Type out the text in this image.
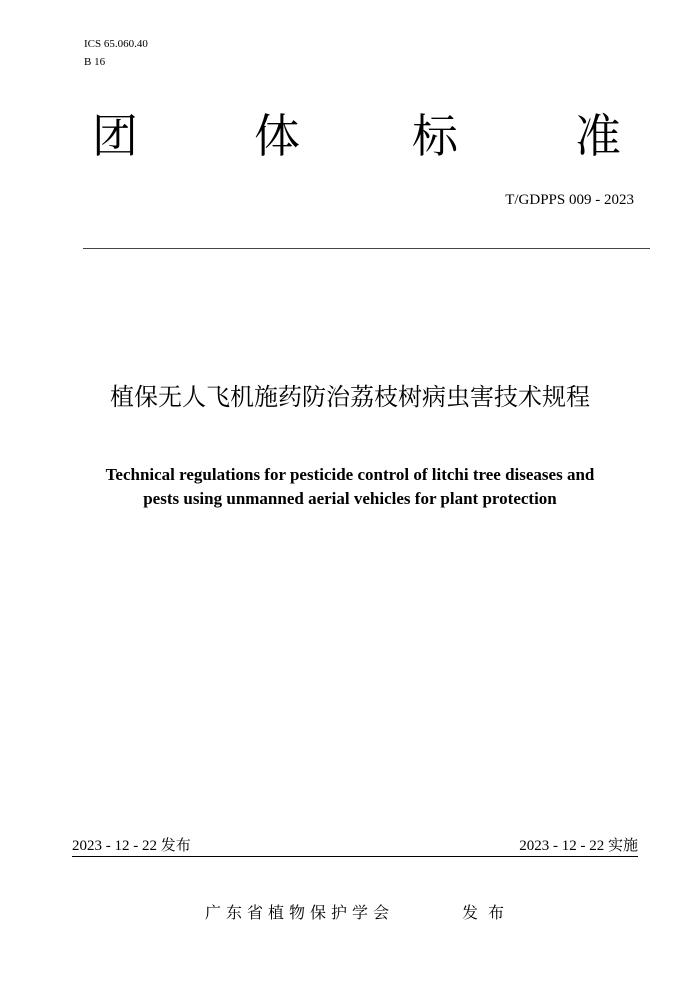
ICS 65.060.40
B 16
团	体 标	准
T/GDPPS 009 - 2023
植保无人飞机施药防治荔枝树病虫害技术规程
Technical regulations for pesticide control of litchi tree diseases and
pests using unmanned aerial vehicles for plant protection
2023 - 12 - 22 发布	2023 - 12 - 22 实施
广东省植物保护学会	发布
